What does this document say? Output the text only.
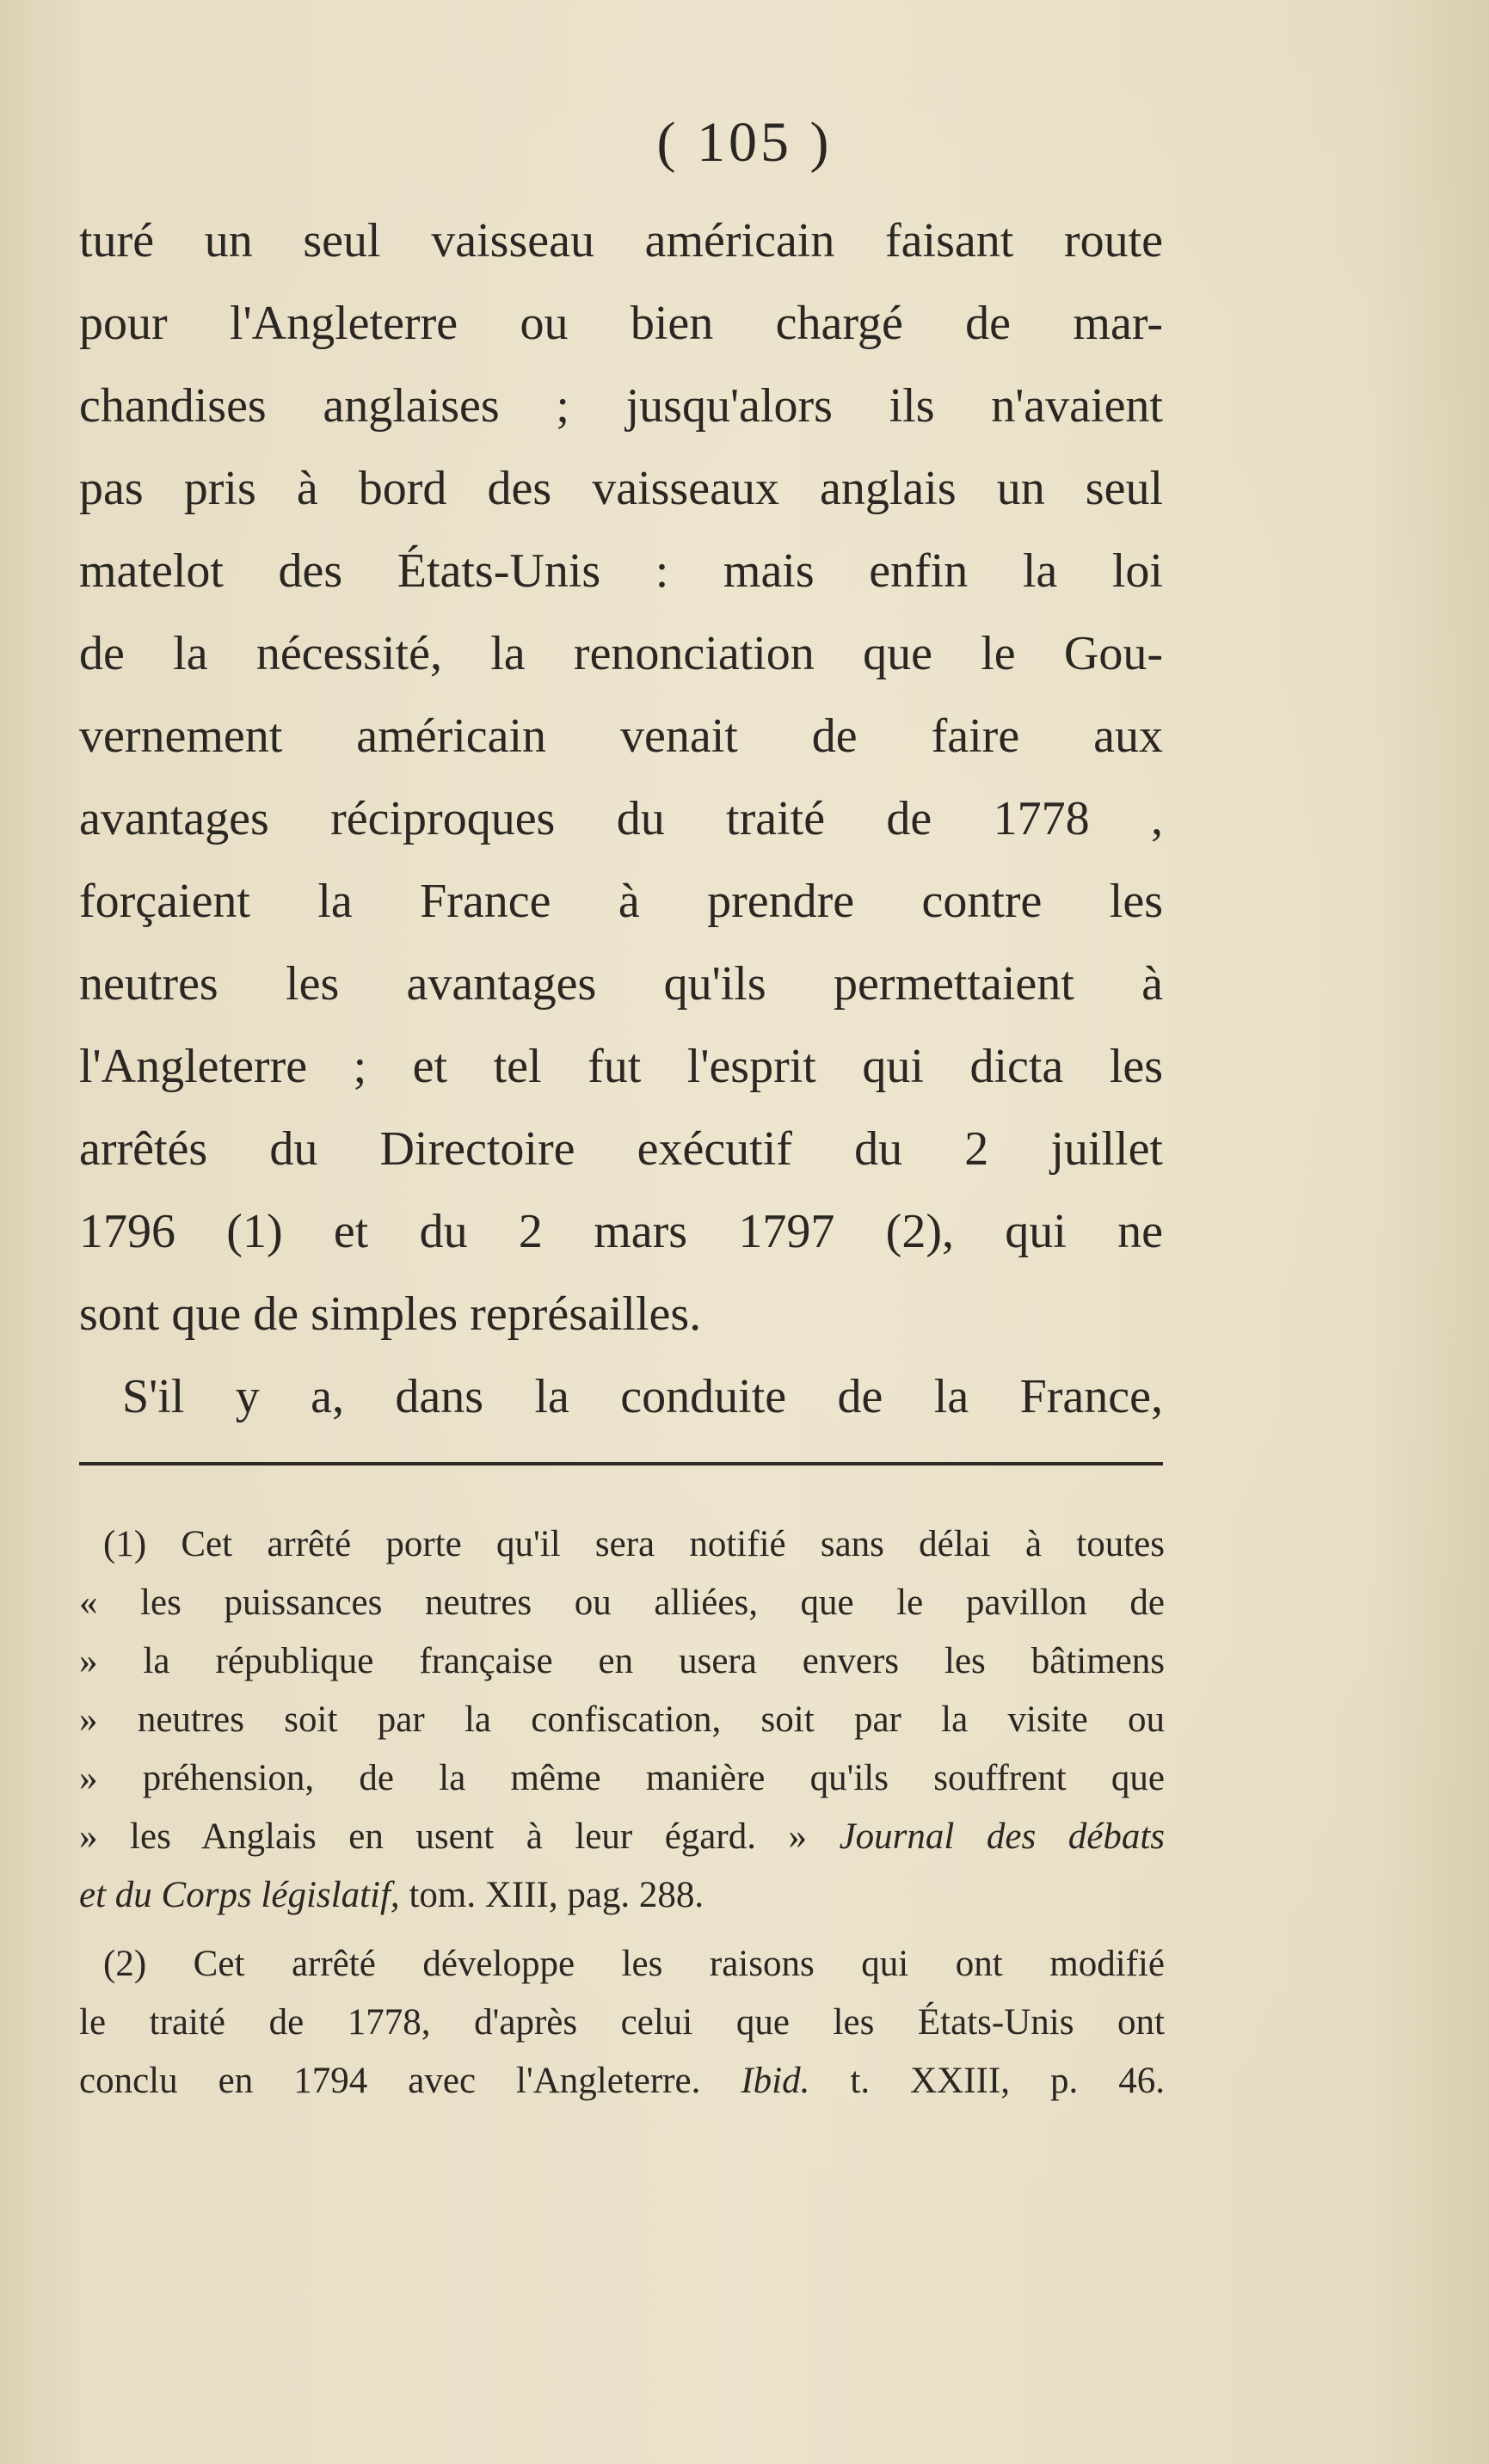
( 105 )
turé un seul vaisseau américain faisant route
pour l'Angleterre ou bien chargé de mar-
chandises anglaises ; jusqu'alors ils n'avaient
pas pris à bord des vaisseaux anglais un seul
matelot des États-Unis : mais enfin la loi
de la nécessité, la renonciation que le Gou-
vernement américain venait de faire aux
avantages réciproques du traité de 1778 ,
forçaient la France à prendre contre les
neutres les avantages qu'ils permettaient à
l'Angleterre ; et tel fut l'esprit qui dicta les
arrêtés du Directoire exécutif du 2 juillet
1796 (1) et du 2 mars 1797 (2), qui ne
sont que de simples représailles.
S'il y a, dans la conduite de la France,
(1) Cet arrêté porte qu'il sera notifié sans délai à toutes
« les puissances neutres ou alliées, que le pavillon de
» la république française en usera envers les bâtimens
» neutres soit par la confiscation, soit par la visite ou
» préhension, de la même manière qu'ils souffrent que
» les Anglais en usent à leur égard. » Journal des débats
et du Corps législatif, tom. XIII, pag. 288.
(2) Cet arrêté développe les raisons qui ont modifié
le traité de 1778, d'après celui que les États-Unis ont
conclu en 1794 avec l'Angleterre. Ibid. t. XXIII, p. 46.
